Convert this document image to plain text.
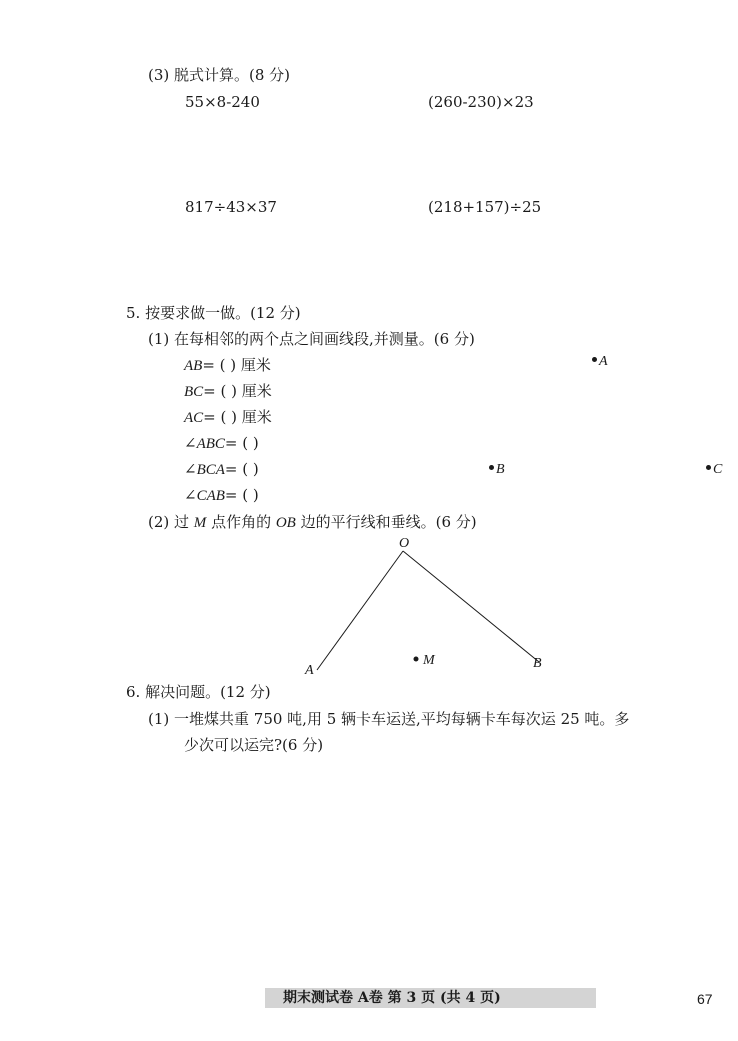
(3) 脱式计算。(8 分)
55×8-240	(260-230)×23
817÷43×37	(218+157)÷25
5. 按要求做一做。(12 分)
(1) 在每相邻的两个点之间画线段,并测量。(6 分)
AB= ( ) 厘米
BC= ( ) 厘米
AC= ( ) 厘米
∠ABC= ( )
∠BCA= ( )
∠CAB= ( )
A
B	C
(2) 过 M 点作角的 OB 边的平行线和垂线。(6 分)
O
A	B
M
6. 解决问题。(12 分)
(1) 一堆煤共重 750 吨,用 5 辆卡车运送,平均每辆卡车每次运 25 吨。多
少次可以运完?(6 分)
期末测试卷 A卷 第 3 页 (共 4 页)	67
